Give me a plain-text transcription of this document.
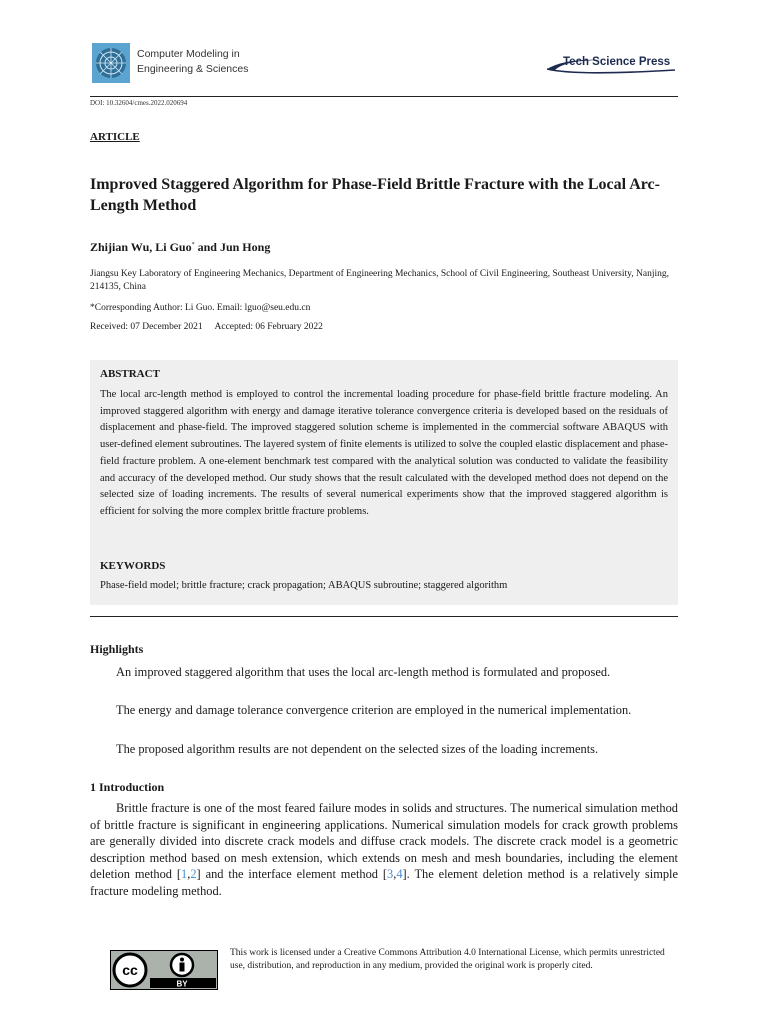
Computer Modeling in
Engineering & Sciences
Tech Science Press
DOI: 10.32604/cmes.2022.020694
ARTICLE
Improved Staggered Algorithm for Phase-Field Brittle Fracture with the Local Arc-Length Method
Zhijian Wu, Li Guo* and Jun Hong
Jiangsu Key Laboratory of Engineering Mechanics, Department of Engineering Mechanics, School of Civil Engineering, Southeast University, Nanjing, 214135, China
*Corresponding Author: Li Guo. Email: lguo@seu.edu.cn
Received: 07 December 2021 Accepted: 06 February 2022
ABSTRACT
The local arc-length method is employed to control the incremental loading procedure for phase-field brittle fracture modeling. An improved staggered algorithm with energy and damage iterative tolerance convergence criteria is developed based on the residuals of displacement and phase-field. The improved staggered solution scheme is implemented in the commercial software ABAQUS with user-defined element subroutines. The layered system of finite elements is utilized to solve the coupled elastic displacement and phase-field fracture problem. A one-element benchmark test compared with the analytical solution was conducted to validate the feasibility and accuracy of the developed method. Our study shows that the result calculated with the developed method does not depend on the selected size of loading increments. The results of several numerical experiments show that the improved staggered algorithm is efficient for solving the more complex brittle fracture problems.
KEYWORDS
Phase-field model; brittle fracture; crack propagation; ABAQUS subroutine; staggered algorithm
Highlights
An improved staggered algorithm that uses the local arc-length method is formulated and proposed.
The energy and damage tolerance convergence criterion are employed in the numerical implementation.
The proposed algorithm results are not dependent on the selected sizes of the loading increments.
1 Introduction
Brittle fracture is one of the most feared failure modes in solids and structures. The numerical simulation method of brittle fracture is significant in engineering applications. Numerical simulation models for crack growth problems are generally divided into discrete crack models and diffuse crack models. The discrete crack model is a geometric description method based on mesh extension, which extends on mesh and mesh boundaries, including the element deletion method [1,2] and the interface element method [3,4]. The element deletion method is a relatively simple fracture modeling method.
cc
BY
This work is licensed under a Creative Commons Attribution 4.0 International License, which permits unrestricted use, distribution, and reproduction in any medium, provided the original work is properly cited.
